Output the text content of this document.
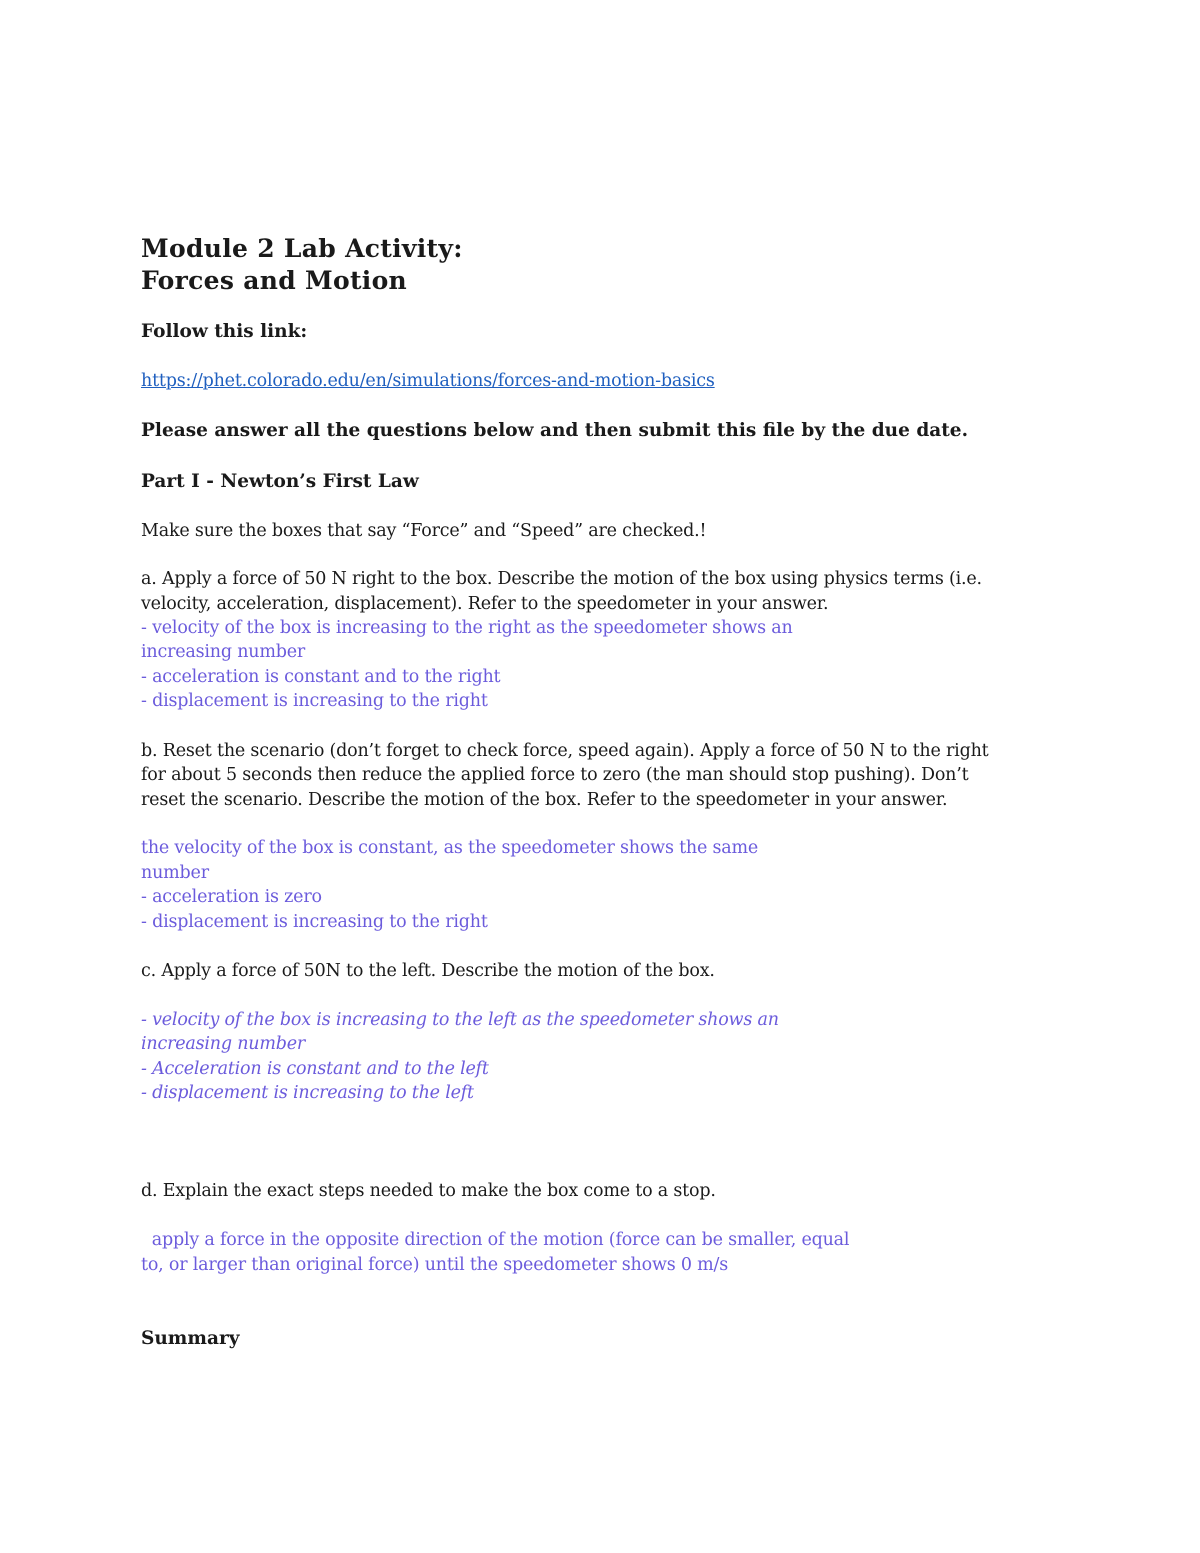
Module 2 Lab Activity:
Forces and Motion
Follow this link:
https://phet.colorado.edu/en/simulations/forces-and-motion-basics
Please answer all the questions below and then submit this file by the due date.
Part I - Newton’s First Law
Make sure the boxes that say “Force” and “Speed” are checked.!
a. Apply a force of 50 N right to the box. Describe the motion of the box using physics terms (i.e.
velocity, acceleration, displacement). Refer to the speedometer in your answer.
- velocity of the box is increasing to the right as the speedometer shows an
increasing number
- acceleration is constant and to the right
- displacement is increasing to the right
b. Reset the scenario (don’t forget to check force, speed again). Apply a force of 50 N to the right
for about 5 seconds then reduce the applied force to zero (the man should stop pushing). Don’t
reset the scenario. Describe the motion of the box. Refer to the speedometer in your answer.
the velocity of the box is constant, as the speedometer shows the same
number
- acceleration is zero
- displacement is increasing to the right
c. Apply a force of 50N to the left. Describe the motion of the box.
- velocity of the box is increasing to the left as the speedometer shows an
increasing number
- Acceleration is constant and to the left
- displacement is increasing to the left
d. Explain the exact steps needed to make the box come to a stop.
apply a force in the opposite direction of the motion (force can be smaller, equal
to, or larger than original force) until the speedometer shows 0 m/s
Summary
